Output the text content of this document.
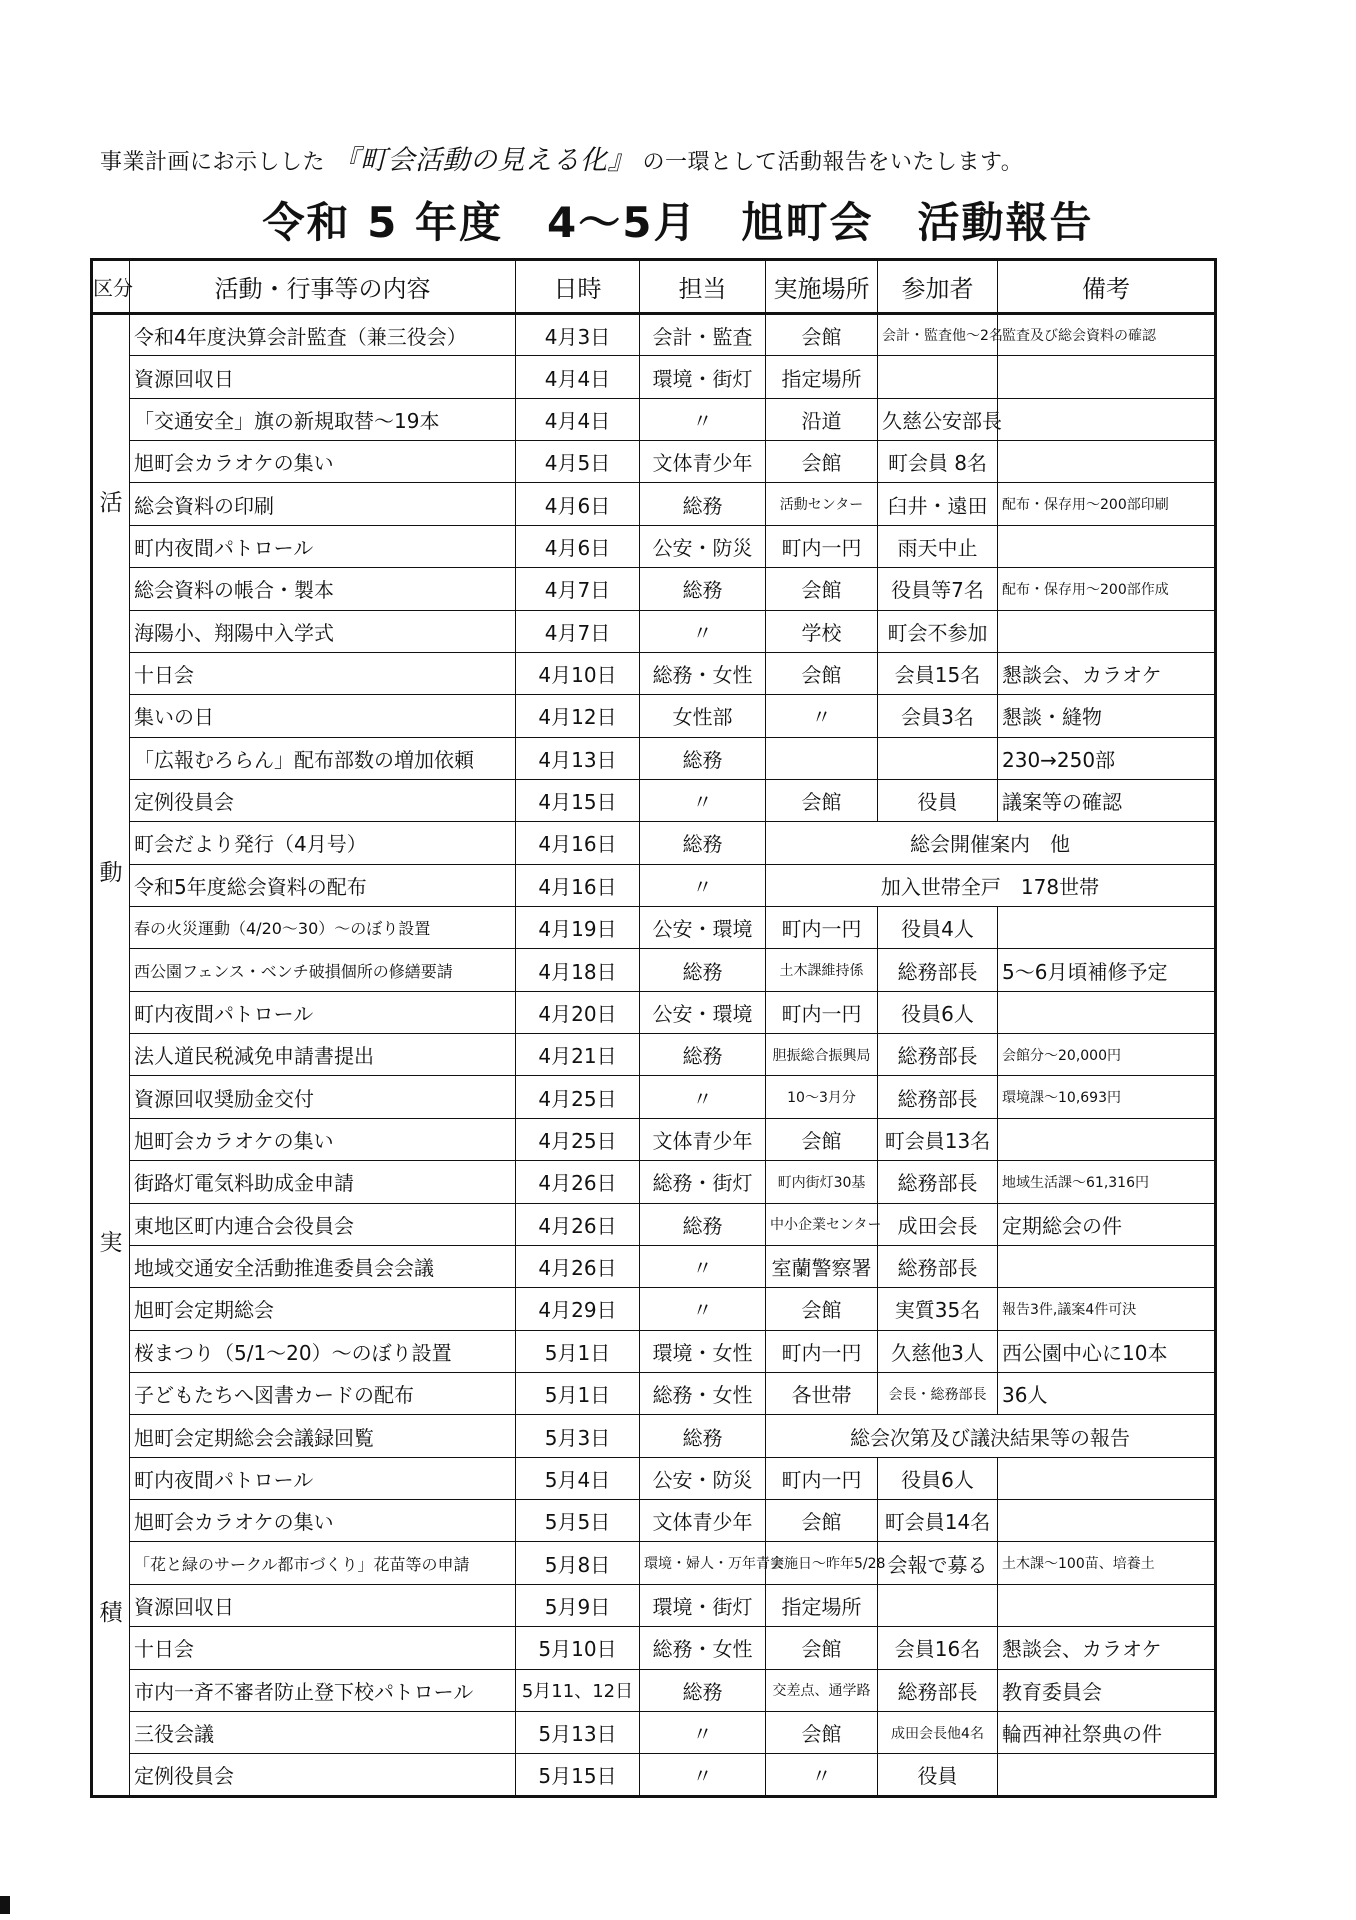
事業計画にお示しした 『町会活動の見える化』 の一環として活動報告をいたします。
令和 5 年度　4～5月　旭町会　活動報告
区分	活動・行事等の内容	日時	担当	実施場所	参加者	備考

活
動
実
積	令和4年度決算会計監査（兼三役会）	4月3日	会計・監査	会館	会計・監査他～2名	監査及び総会資料の確認
	資源回収日	4月4日	環境・街灯	指定場所		
	「交通安全」旗の新規取替～19本	4月4日	〃	沿道	久慈公安部長	
	旭町会カラオケの集い	4月5日	文体青少年	会館	町会員 8名	
	総会資料の印刷	4月6日	総務	活動センター	臼井・遠田	配布・保存用～200部印刷
	町内夜間パトロール	4月6日	公安・防災	町内一円	雨天中止	
	総会資料の帳合・製本	4月7日	総務	会館	役員等7名	配布・保存用～200部作成
	海陽小、翔陽中入学式	4月7日	〃	学校	町会不参加	
	十日会	4月10日	総務・女性	会館	会員15名	懇談会、カラオケ
	集いの日	4月12日	女性部	〃	会員3名	懇談・縫物
	「広報むろらん」配布部数の増加依頼	4月13日	総務			230→250部
	定例役員会	4月15日	〃	会館	役員	議案等の確認
	町会だより発行（4月号）	4月16日	総務	総会開催案内　他		
	令和5年度総会資料の配布	4月16日	〃	加入世帯全戸　178世帯		
	春の火災運動（4/20～30）～のぼり設置	4月19日	公安・環境	町内一円	役員4人	
	西公園フェンス・ベンチ破損個所の修繕要請	4月18日	総務	土木課維持係	総務部長	5～6月頃補修予定
	町内夜間パトロール	4月20日	公安・環境	町内一円	役員6人	
	法人道民税減免申請書提出	4月21日	総務	胆振総合振興局	総務部長	会館分～20,000円
	資源回収奨励金交付	4月25日	〃	10～3月分	総務部長	環境課～10,693円
	旭町会カラオケの集い	4月25日	文体青少年	会館	町会員13名	
	街路灯電気料助成金申請	4月26日	総務・街灯	町内街灯30基	総務部長	地域生活課～61,316円
	東地区町内連合会役員会	4月26日	総務	中小企業センター	成田会長	定期総会の件
	地域交通安全活動推進委員会会議	4月26日	〃	室蘭警察署	総務部長	
	旭町会定期総会	4月29日	〃	会館	実質35名	報告3件,議案4件可決
	桜まつり（5/1～20）～のぼり設置	5月1日	環境・女性	町内一円	久慈他3人	西公園中心に10本
	子どもたちへ図書カードの配布	5月1日	総務・女性	各世帯	会長・総務部長	36人
	旭町会定期総会会議録回覧	5月3日	総務	総会次第及び議決結果等の報告		
	町内夜間パトロール	5月4日	公安・防災	町内一円	役員6人	
	旭町会カラオケの集い	5月5日	文体青少年	会館	町会員14名	
	「花と緑のサークル都市づくり」花苗等の申請	5月8日	環境・婦人・万年青会	実施日～昨年5/28	会報で募る	土木課～100苗、培養土
	資源回収日	5月9日	環境・街灯	指定場所		
	十日会	5月10日	総務・女性	会館	会員16名	懇談会、カラオケ
	市内一斉不審者防止登下校パトロール	5月11、12日	総務	交差点、通学路	総務部長	教育委員会
	三役会議	5月13日	〃	会館	成田会長他4名	輪西神社祭典の件
	定例役員会	5月15日	〃	〃	役員	
